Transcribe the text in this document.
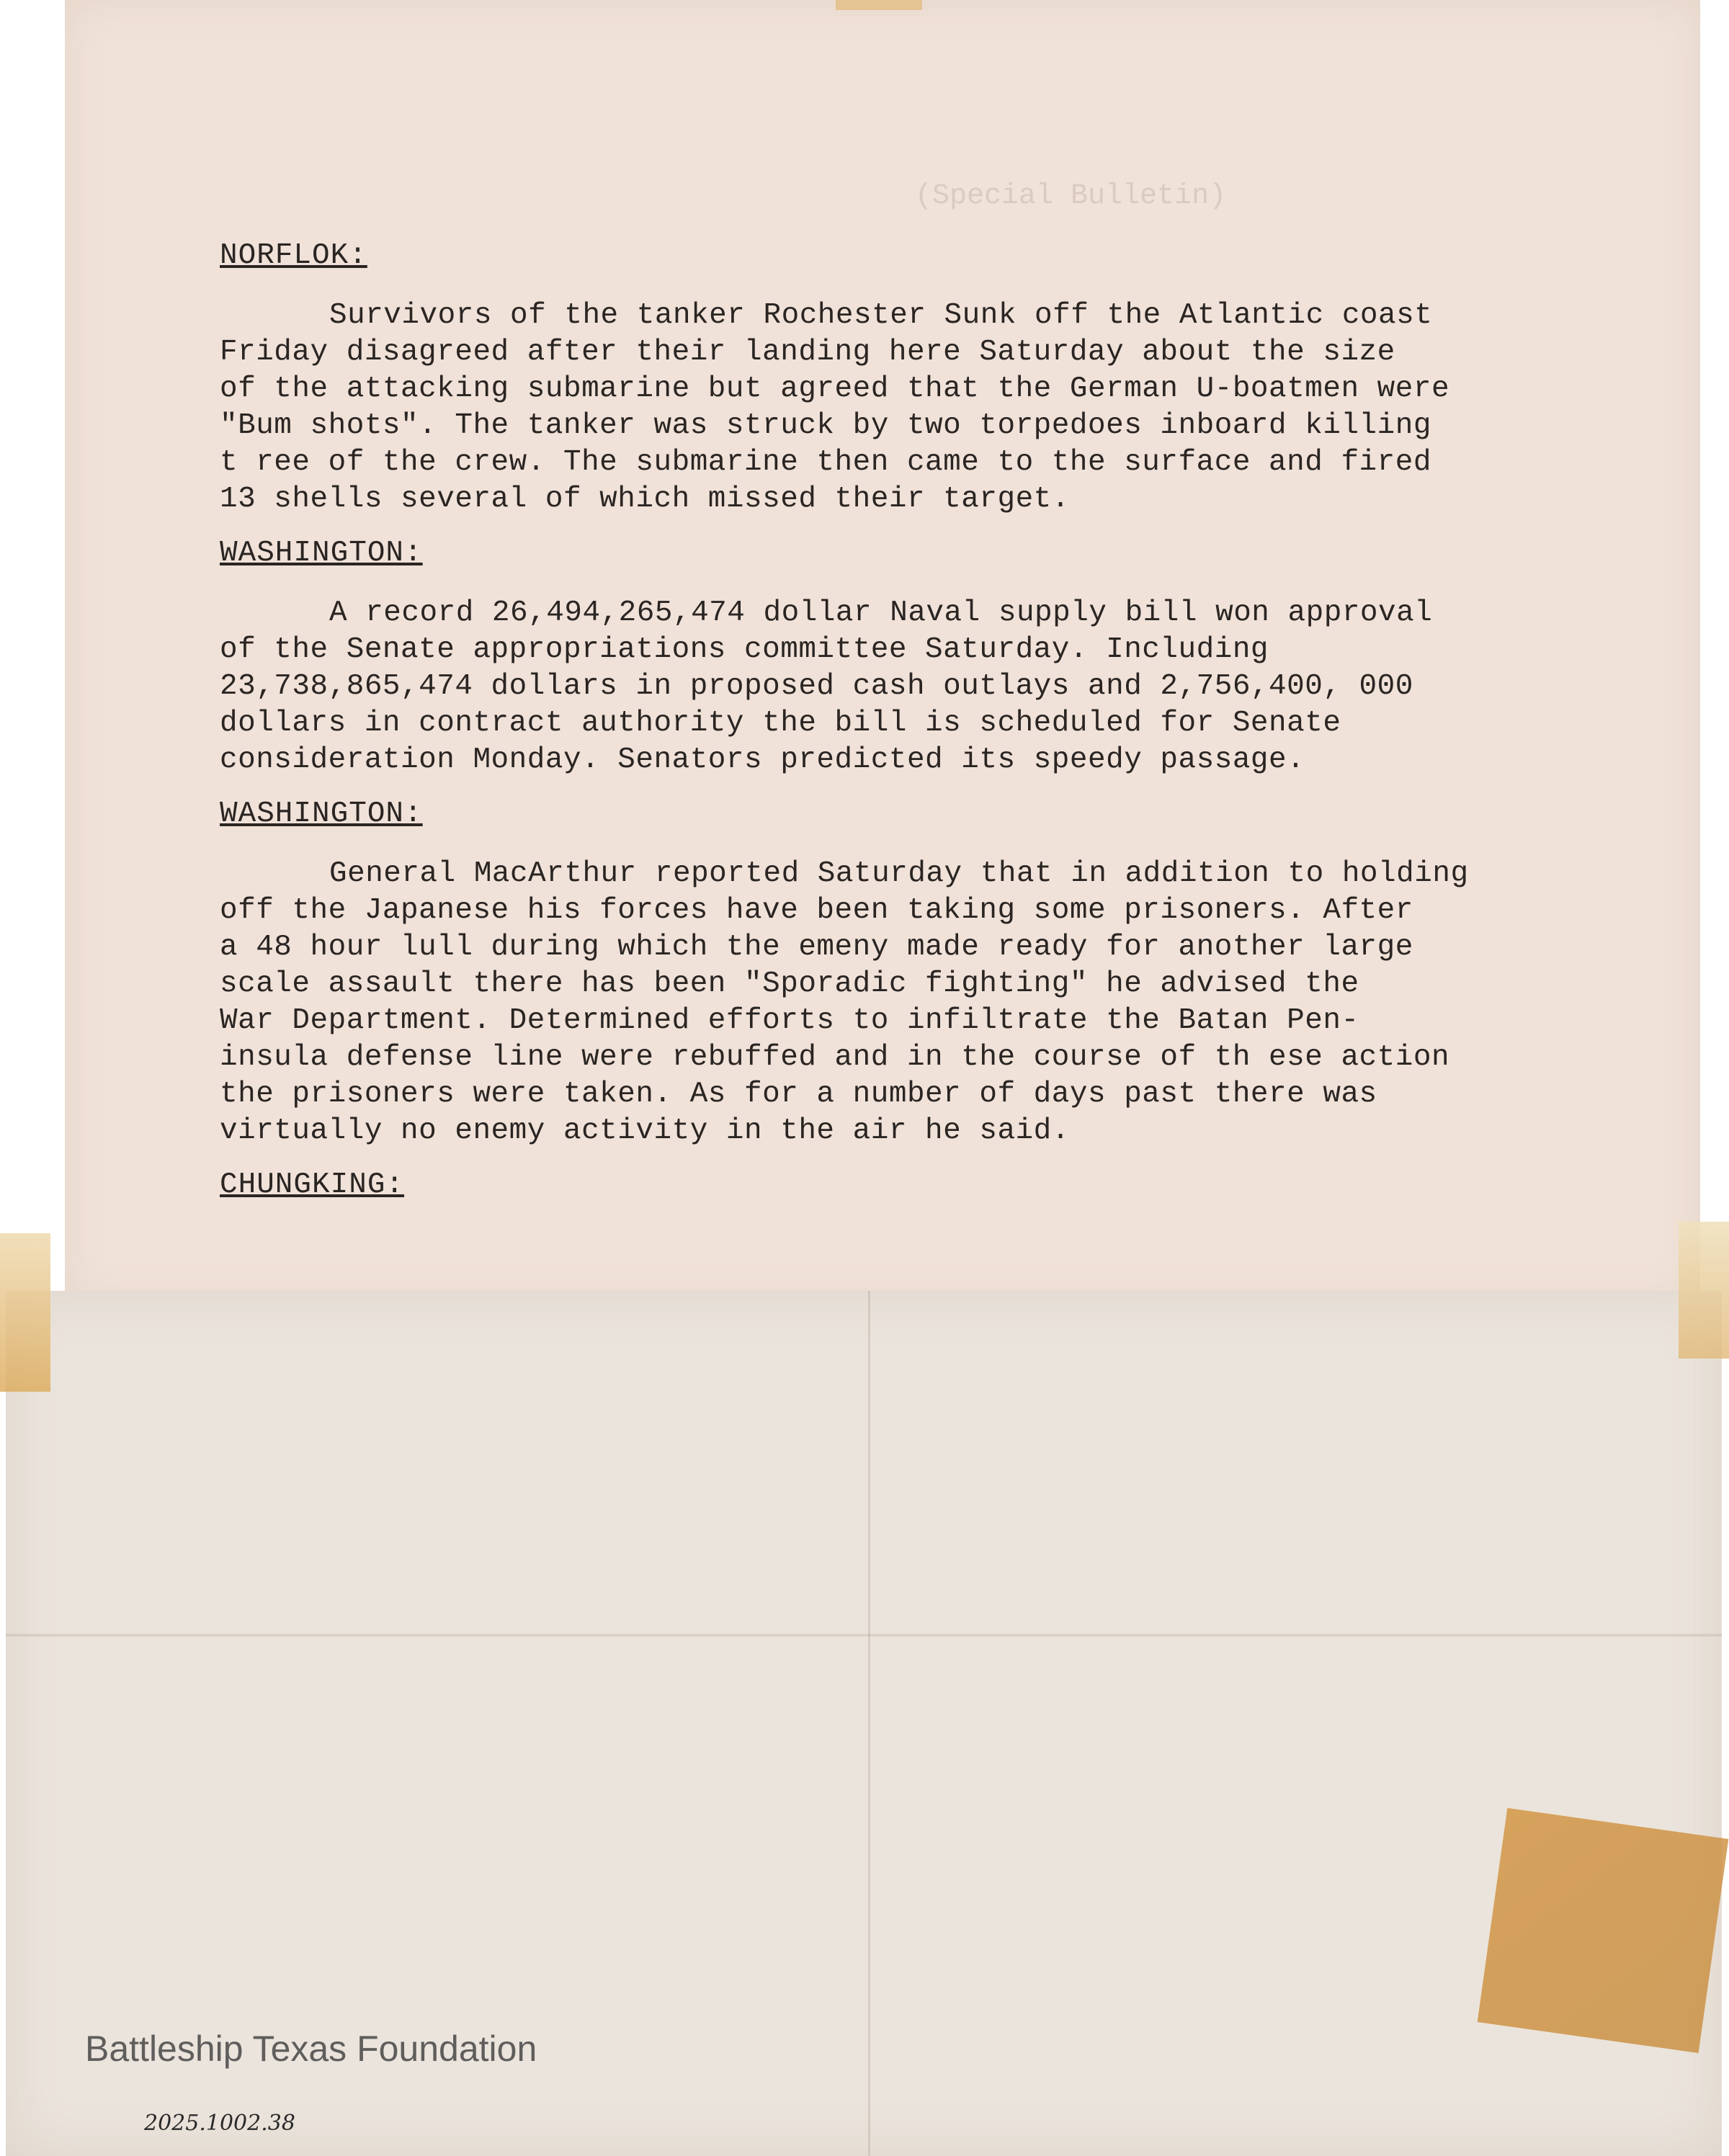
(Special Bulletin)
NORFLOK:

Survivors of the tanker Rochester Sunk off the Atlantic coast

Friday disagreed after their landing here Saturday about the size

of the attacking submarine but agreed that the German U-boatmen were

"Bum shots". The tanker was struck by two torpedoes inboard killing

t ree of the crew. The submarine then came to the surface and fired

13 shells several of which missed their target.

WASHINGTON:

A record 26,494,265,474 dollar Naval supply bill won approval

of the Senate appropriations committee Saturday. Including

23,738,865,474 dollars in proposed cash outlays and 2,756,400, 000

dollars in contract authority the bill is scheduled for Senate

consideration Monday. Senators predicted its speedy passage.

WASHINGTON:

General MacArthur reported Saturday that in addition to holding

off the Japanese his forces have been taking some prisoners. After

a 48 hour lull during which the emeny made ready for another large

scale assault there has been "Sporadic fighting" he advised the

War Department. Determined efforts to infiltrate the Batan Pen-

insula defense line were rebuffed and in the course of th ese action

the prisoners were taken. As for a number of days past there was

virtually no enemy activity in the air he said.

CHUNGKING:
Battleship Texas Foundation
2025.1002.38
